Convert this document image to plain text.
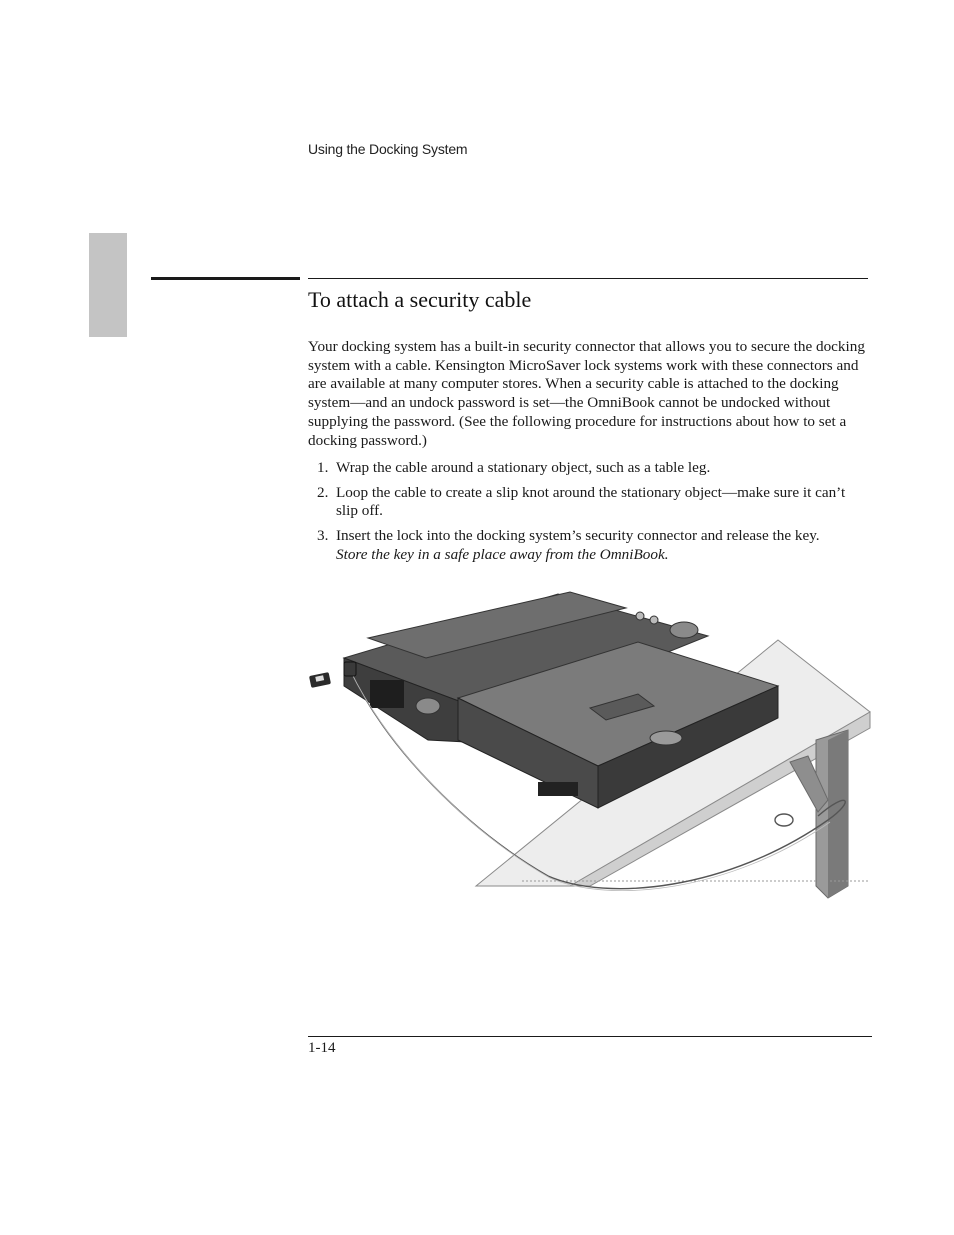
Using the Docking System
To attach a security cable

Your docking system has a built-in security connector that allows you to secure the docking system with a cable. Kensington MicroSaver lock systems work with these connectors and are available at many computer stores. When a security cable is attached to the docking system—and an undock password is set—the OmniBook cannot be undocked without supplying the password. (See the following procedure for instructions about how to set a docking password.)

1. Wrap the cable around a stationary object, such as a table leg.
2. Loop the cable to create a slip knot around the stationary object—make sure it can’t slip off.
3. Insert the lock into the docking system’s security connector and release the key.
Store the key in a safe place away from the OmniBook.
1-14
